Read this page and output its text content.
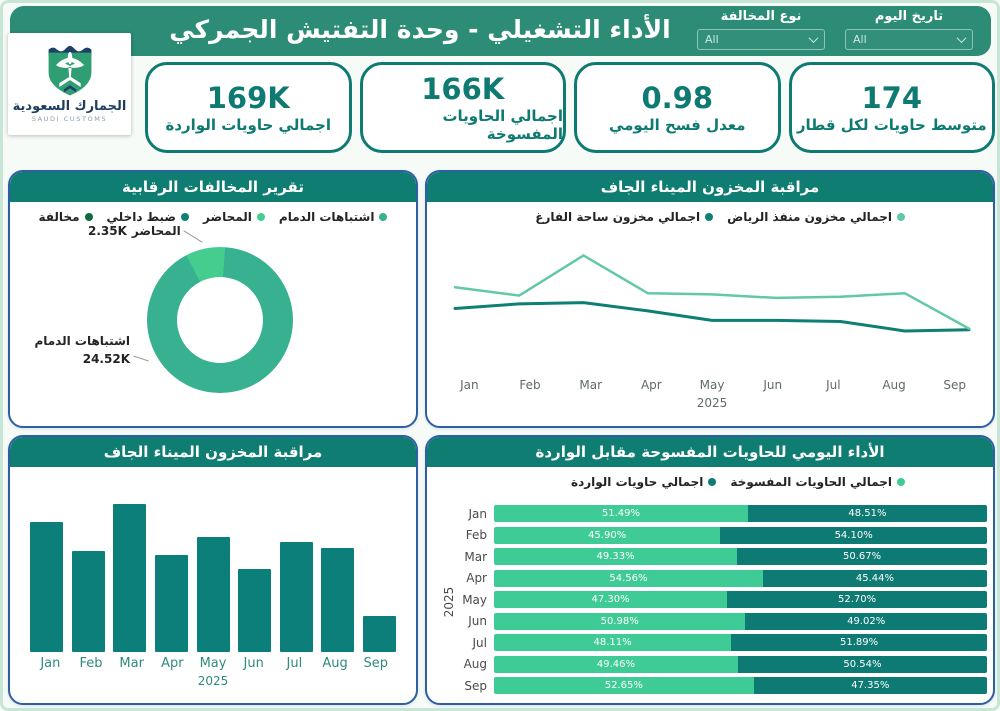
الأداء التشغيلي - وحدة التفتيش الجمركي	نوع المخالفة
All
تاريخ اليوم
All
الجمارك السعودية
SAUDI CUSTOMS
169K
اجمالي حاويات الواردة
166K
اجمالي الحاويات المفسوخة
0.98
معدل فسح اليومي
174
متوسط حاويات لكل قطار
تقرير المخالفات الرقابية
مخالفة ضبط داخلي المحاضر اشتباهات الدمام
2.35K المحاضر
اشتباهات الدمام
24.52K
مراقبة المخزون الميناء الجاف
اجمالي مخزون ساحة الفارغ اجمالي مخزون منفذ الرياض
Jan	Feb	Mar	Apr	May	Jun	Jul	Aug	Sep
2025
مراقبة المخزون الميناء الجاف
Jan	Feb	Mar	Apr	May	Jun	Jul	Aug	Sep
2025
الأداء اليومي للحاويات المفسوحة مقابل الواردة
اجمالي حاويات الواردة اجمالي الحاويات المفسوخة
Jan	51.49%	48.51%
Feb	45.90%	54.10%
Mar	49.33%	50.67%
Apr	54.56%	45.44%
May	47.30%	52.70%
Jun	50.98%	49.02%
Jul	48.11%	51.89%
Aug	49.46%	50.54%
Sep	52.65%	47.35%
2025
